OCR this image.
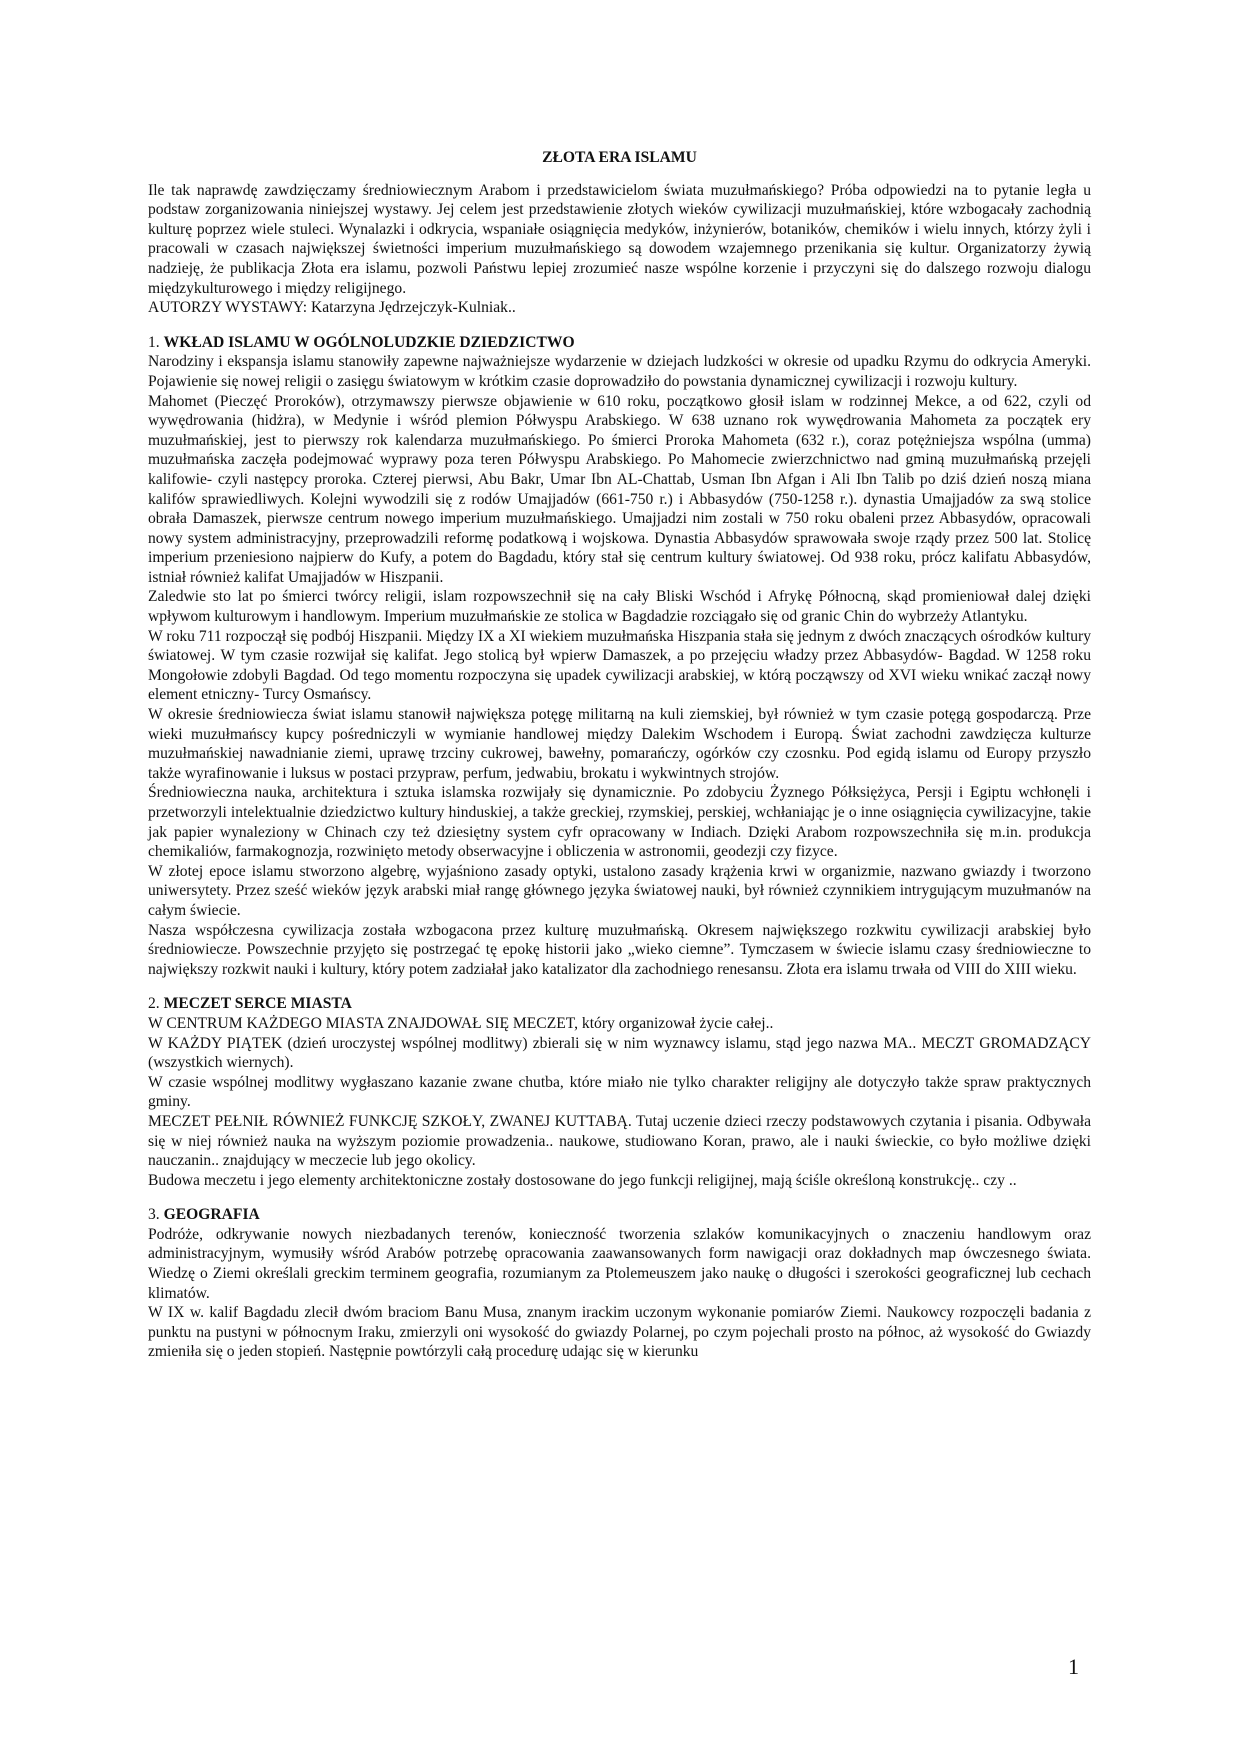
ZŁOTA ERA ISLAMU

Ile tak naprawdę zawdzięczamy średniowiecznym Arabom i przedstawicielom świata muzułmańskiego? Próba odpowiedzi na to pytanie legła u podstaw zorganizowania niniejszej wystawy. Jej celem jest przedstawienie złotych wieków cywilizacji muzułmańskiej, które wzbogacały zachodnią kulturę poprzez wiele stuleci. Wynalazki i odkrycia, wspaniałe osiągnięcia medyków, inżynierów, botaników, chemików i wielu innych, którzy żyli i pracowali w czasach największej świetności imperium muzułmańskiego są dowodem wzajemnego przenikania się kultur. Organizatorzy żywią nadzieję, że publikacja Złota era islamu, pozwoli Państwu lepiej zrozumieć nasze wspólne korzenie i przyczyni się do dalszego rozwoju dialogu międzykulturowego i między religijnego.

AUTORZY WYSTAWY: Katarzyna Jędrzejczyk-Kulniak..

1. WKŁAD ISLAMU W OGÓLNOLUDZKIE DZIEDZICTWO

Narodziny i ekspansja islamu stanowiły zapewne najważniejsze wydarzenie w dziejach ludzkości w okresie od upadku Rzymu do odkrycia Ameryki. Pojawienie się nowej religii o zasięgu światowym w krótkim czasie doprowadziło do powstania dynamicznej cywilizacji i rozwoju kultury.

Mahomet (Pieczęć Proroków), otrzymawszy pierwsze objawienie w 610 roku, początkowo głosił islam w rodzinnej Mekce, a od 622, czyli od wywędrowania (hidżra), w Medynie i wśród plemion Półwyspu Arabskiego. W 638 uznano rok wywędrowania Mahometa za początek ery muzułmańskiej, jest to pierwszy rok kalendarza muzułmańskiego. Po śmierci Proroka Mahometa (632 r.), coraz potężniejsza wspólna (umma) muzułmańska zaczęła podejmować wyprawy poza teren Półwyspu Arabskiego. Po Mahomecie zwierzchnictwo nad gminą muzułmańską przejęli kalifowie- czyli następcy proroka. Czterej pierwsi, Abu Bakr, Umar Ibn AL-Chattab, Usman Ibn Afgan i Ali Ibn Talib po dziś dzień noszą miana kalifów sprawiedliwych. Kolejni wywodzili się z rodów Umajjadów (661-750 r.) i Abbasydów (750-1258 r.). dynastia Umajjadów za swą stolice obrała Damaszek, pierwsze centrum nowego imperium muzułmańskiego. Umajjadzi nim zostali w 750 roku obaleni przez Abbasydów, opracowali nowy system administracyjny, przeprowadzili reformę podatkową i wojskowa. Dynastia Abbasydów sprawowała swoje rządy przez 500 lat. Stolicę imperium przeniesiono najpierw do Kufy, a potem do Bagdadu, który stał się centrum kultury światowej. Od 938 roku, prócz kalifatu Abbasydów, istniał również kalifat Umajjadów w Hiszpanii.

Zaledwie sto lat po śmierci twórcy religii, islam rozpowszechnił się na cały Bliski Wschód i Afrykę Północną, skąd promieniował dalej dzięki wpływom kulturowym i handlowym. Imperium muzułmańskie ze stolica w Bagdadzie rozciągało się od granic Chin do wybrzeży Atlantyku.

W roku 711 rozpoczął się podbój Hiszpanii. Między IX a XI wiekiem muzułmańska Hiszpania stała się jednym z dwóch znaczących ośrodków kultury światowej. W tym czasie rozwijał się kalifat. Jego stolicą był wpierw Damaszek, a po przejęciu władzy przez Abbasydów- Bagdad. W 1258 roku Mongołowie zdobyli Bagdad. Od tego momentu rozpoczyna się upadek cywilizacji arabskiej, w którą począwszy od XVI wieku wnikać zaczął nowy element etniczny- Turcy Osmańscy.

W okresie średniowiecza świat islamu stanowił największa potęgę militarną na kuli ziemskiej, był również w tym czasie potęgą gospodarczą. Prze wieki muzułmańscy kupcy pośredniczyli w wymianie handlowej między Dalekim Wschodem i Europą. Świat zachodni zawdzięcza kulturze muzułmańskiej nawadnianie ziemi, uprawę trzciny cukrowej, bawełny, pomarańczy, ogórków czy czosnku. Pod egidą islamu od Europy przyszło także wyrafinowanie i luksus w postaci przypraw, perfum, jedwabiu, brokatu i wykwintnych strojów.

Średniowieczna nauka, architektura i sztuka islamska rozwijały się dynamicznie. Po zdobyciu Żyznego Półksiężyca, Persji i Egiptu wchłonęli i przetworzyli intelektualnie dziedzictwo kultury hinduskiej, a także greckiej, rzymskiej, perskiej, wchłaniając je o inne osiągnięcia cywilizacyjne, takie jak papier wynaleziony w Chinach czy też dziesiętny system cyfr opracowany w Indiach. Dzięki Arabom rozpowszechniła się m.in. produkcja chemikaliów, farmakognozja, rozwinięto metody obserwacyjne i obliczenia w astronomii, geodezji czy fizyce.

W złotej epoce islamu stworzono algebrę, wyjaśniono zasady optyki, ustalono zasady krążenia krwi w organizmie, nazwano gwiazdy i tworzono uniwersytety. Przez sześć wieków język arabski miał rangę głównego języka światowej nauki, był również czynnikiem intrygującym muzułmanów na całym świecie.

Nasza współczesna cywilizacja została wzbogacona przez kulturę muzułmańską. Okresem największego rozkwitu cywilizacji arabskiej było średniowiecze. Powszechnie przyjęto się postrzegać tę epokę historii jako „wieko ciemne”. Tymczasem w świecie islamu czasy średniowieczne to największy rozkwit nauki i kultury, który potem zadziałał jako katalizator dla zachodniego renesansu. Złota era islamu trwała od VIII do XIII wieku.

2. MECZET SERCE MIASTA

W CENTRUM KAŻDEGO MIASTA ZNAJDOWAŁ SIĘ MECZET, który organizował życie całej..

W KAŻDY PIĄTEK (dzień uroczystej wspólnej modlitwy) zbierali się w nim wyznawcy islamu, stąd jego nazwa MA.. MECZT GROMADZĄCY (wszystkich wiernych).

W czasie wspólnej modlitwy wygłaszano kazanie zwane chutba, które miało nie tylko charakter religijny ale dotyczyło także spraw praktycznych gminy.

MECZET PEŁNIŁ RÓWNIEŻ FUNKCJĘ SZKOŁY, ZWANEJ KUTTABĄ. Tutaj uczenie dzieci rzeczy podstawowych czytania i pisania. Odbywała się w niej również nauka na wyższym poziomie prowadzenia.. naukowe, studiowano Koran, prawo, ale i nauki świeckie, co było możliwe dzięki nauczanin.. znajdujący w meczecie lub jego okolicy.

Budowa meczetu i jego elementy architektoniczne zostały dostosowane do jego funkcji religijnej, mają ściśle określoną konstrukcję.. czy ..

3. GEOGRAFIA

Podróże, odkrywanie nowych niezbadanych terenów, konieczność tworzenia szlaków komunikacyjnych o znaczeniu handlowym oraz administracyjnym, wymusiły wśród Arabów potrzebę opracowania zaawansowanych form nawigacji oraz dokładnych map ówczesnego świata. Wiedzę o Ziemi określali greckim terminem geografia, rozumianym za Ptolemeuszem jako naukę o długości i szerokości geograficznej lub cechach klimatów.

W IX w. kalif Bagdadu zlecił dwóm braciom Banu Musa, znanym irackim uczonym wykonanie pomiarów Ziemi. Naukowcy rozpoczęli badania z punktu na pustyni w północnym Iraku, zmierzyli oni wysokość do gwiazdy Polarnej, po czym pojechali prosto na północ, aż wysokość do Gwiazdy zmieniła się o jeden stopień. Następnie powtórzyli całą procedurę udając się w kierunku

1
